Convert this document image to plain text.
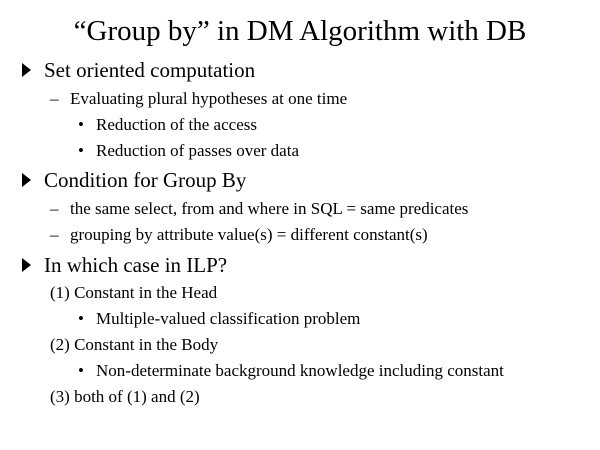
“Group by” in DM Algorithm with DB
Set oriented computation
– Evaluating plural hypotheses at one time
• Reduction of the access
• Reduction of passes over data
Condition for Group By
– the same select, from and where in SQL = same predicates
– grouping by attribute value(s) = different constant(s)
In which case in ILP?
(1) Constant in the Head
• Multiple-valued classification problem
(2) Constant in the Body
• Non-determinate background knowledge including constant
(3) both of (1) and (2)
